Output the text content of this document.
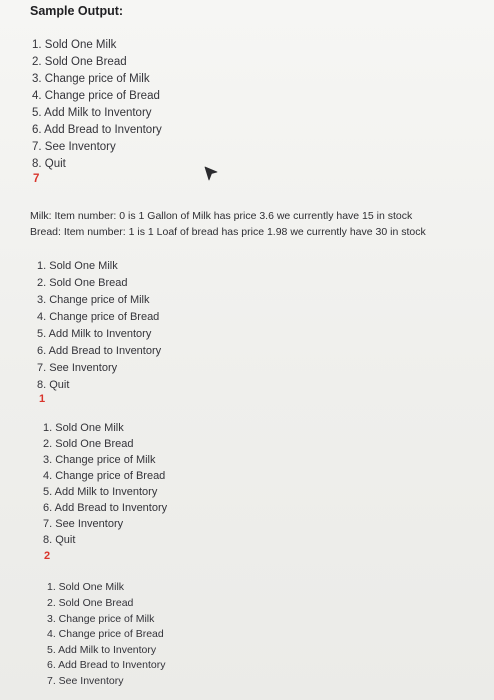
Sample Output:
1. Sold One Milk
2. Sold One Bread
3. Change price of Milk
4. Change price of Bread
5. Add Milk to Inventory
6. Add Bread to Inventory
7. See Inventory
8. Quit
7
Milk: Item number: 0 is 1 Gallon of Milk has price 3.6 we currently have 15 in stock
Bread: Item number: 1 is 1 Loaf of bread has price 1.98 we currently have 30 in stock
1. Sold One Milk
2. Sold One Bread
3. Change price of Milk
4. Change price of Bread
5. Add Milk to Inventory
6. Add Bread to Inventory
7. See Inventory
8. Quit
1
1. Sold One Milk
2. Sold One Bread
3. Change price of Milk
4. Change price of Bread
5. Add Milk to Inventory
6. Add Bread to Inventory
7. See Inventory
8. Quit
2
1. Sold One Milk
2. Sold One Bread
3. Change price of Milk
4. Change price of Bread
5. Add Milk to Inventory
6. Add Bread to Inventory
7. See Inventory
